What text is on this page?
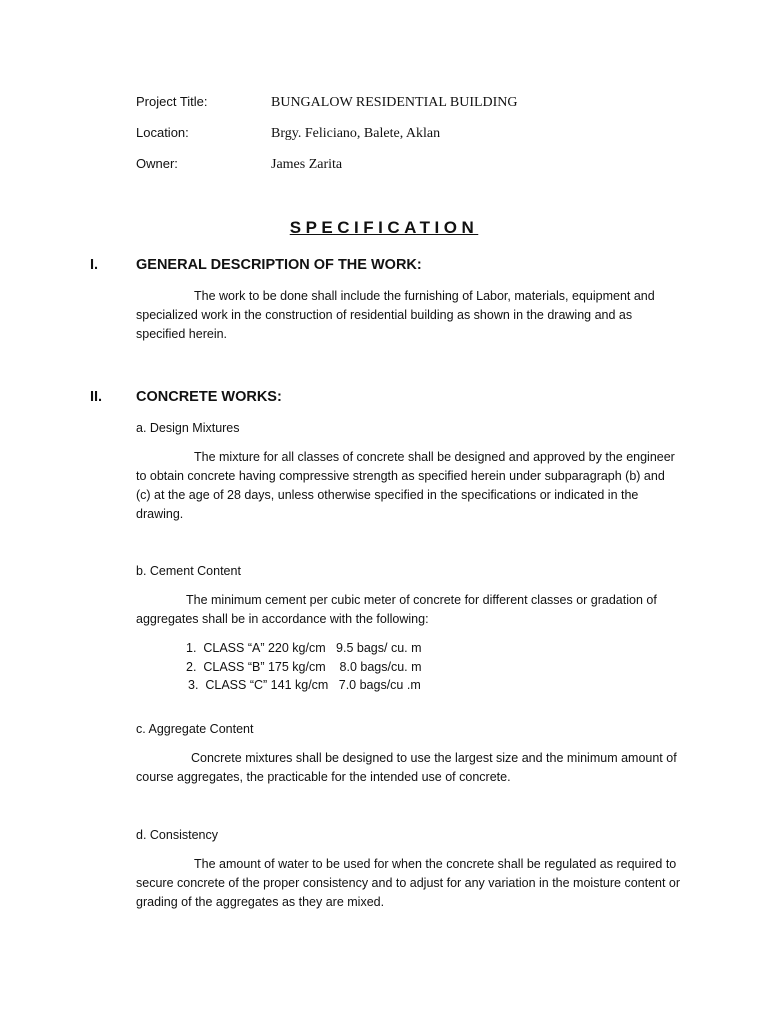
Project Title:	BUNGALOW RESIDENTIAL BUILDING
Location:	Brgy. Feliciano, Balete, Aklan
Owner:	James Zarita
SPECIFICATION
I.	GENERAL DESCRIPTION OF THE WORK:

The work to be done shall include the furnishing of Labor, materials, equipment and specialized work in the construction of residential building as shown in the drawing and as specified herein.

II. CONCRETE WORKS:
a. Design Mixtures

The mixture for all classes of concrete shall be designed and approved by the engineer to obtain concrete having compressive strength as specified herein under subparagraph (b) and (c) at the age of 28 days, unless otherwise specified in the specifications or indicated in the drawing.

b. Cement Content

The minimum cement per cubic meter of concrete for different classes or gradation of aggregates shall be in accordance with the following:

1.  CLASS “A” 220 kg/cm   9.5 bags/ cu. m
2.  CLASS “B” 175 kg/cm    8.0 bags/cu. m
3.  CLASS “C” 141 kg/cm   7.0 bags/cu .m
c. Aggregate Content

Concrete mixtures shall be designed to use the largest size and the minimum amount of course aggregates, the practicable for the intended use of concrete.

d. Consistency

The amount of water to be used for when the concrete shall be regulated as required to secure concrete of the proper consistency and to adjust for any variation in the moisture content or grading of the aggregates as they are mixed.
